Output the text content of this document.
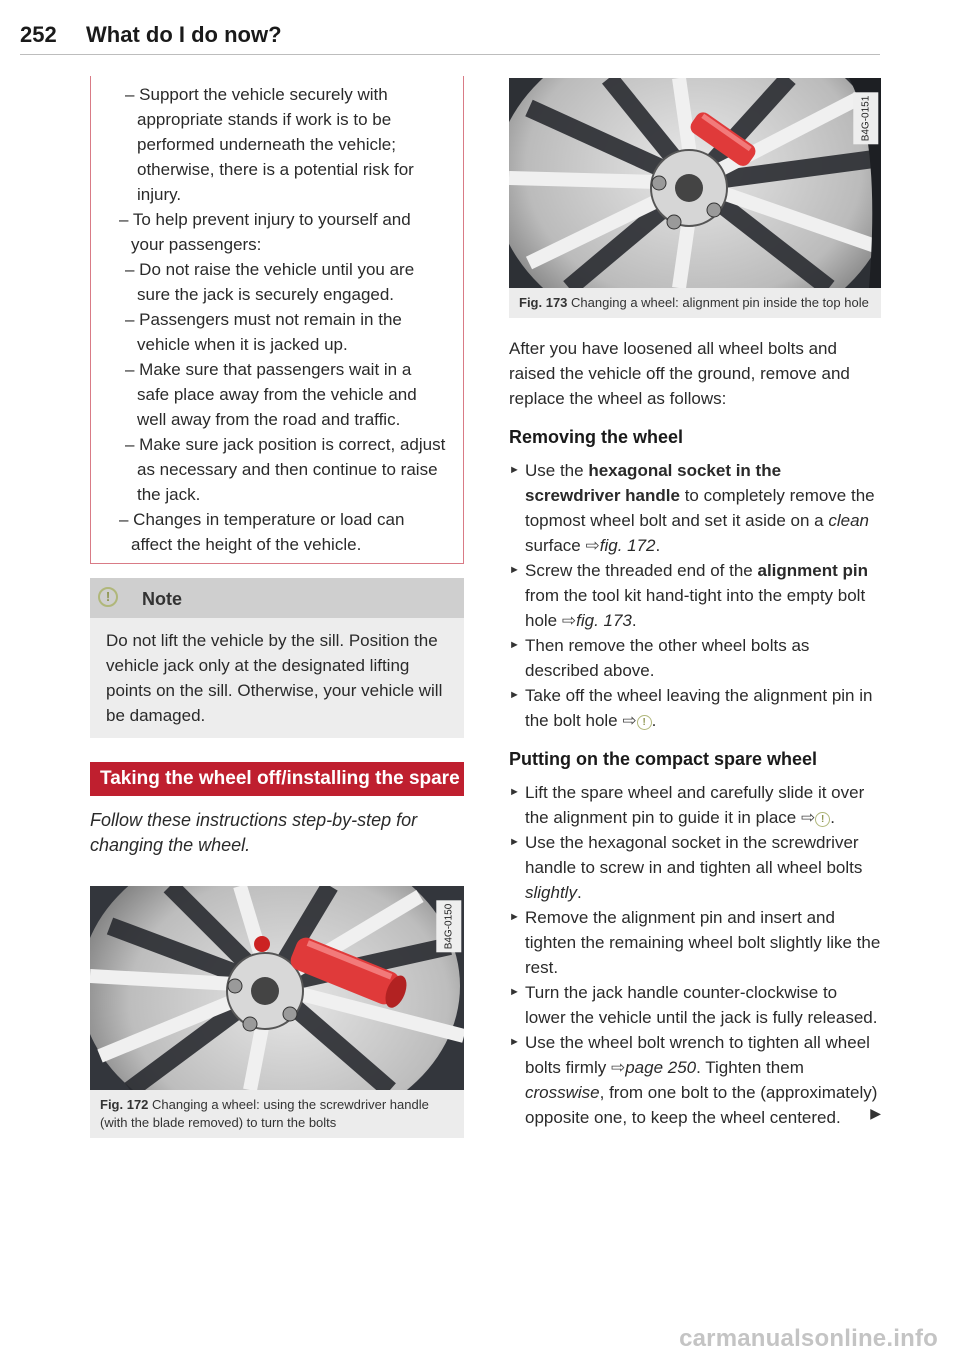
252 What do I do now?

– Support the vehicle securely with appropriate stands if work is to be performed underneath the vehicle; otherwise, there is a potential risk for injury.

– To help prevent injury to yourself and your passengers:

– Do not raise the vehicle until you are sure the jack is securely engaged.

– Passengers must not remain in the vehicle when it is jacked up.

– Make sure that passengers wait in a safe place away from the vehicle and well away from the road and traffic.

– Make sure jack position is correct, adjust as necessary and then continue to raise the jack.

– Changes in temperature or load can affect the height of the vehicle.

!	Note
Do not lift the vehicle by the sill. Position the vehicle jack only at the designated lifting points on the sill. Otherwise, your vehicle will be damaged.
Taking the wheel off/installing the spare
Follow these instructions step-by-step for changing the wheel.
B4G-0150
Fig. 172 Changing a wheel: using the screwdriver handle (with the blade removed) to turn the bolts
B4G-0151
Fig. 173 Changing a wheel: alignment pin inside the top hole

After you have loosened all wheel bolts and raised the vehicle off the ground, remove and replace the wheel as follows:

Removing the wheel

► Use the hexagonal socket in the screwdriver handle to completely remove the topmost wheel bolt and set it aside on a clean surface ⇨fig. 172.

► Screw the threaded end of the alignment pin from the tool kit hand-tight into the empty bolt hole ⇨fig. 173.

► Then remove the other wheel bolts as described above.

► Take off the wheel leaving the alignment pin in the bolt hole ⇨ ! .

Putting on the compact spare wheel

► Lift the spare wheel and carefully slide it over the alignment pin to guide it in place ⇨ ! .

► Use the hexagonal socket in the screwdriver handle to screw in and tighten all wheel bolts slightly.

► Remove the alignment pin and insert and tighten the remaining wheel bolt slightly like the rest.

► Turn the jack handle counter-clockwise to lower the vehicle until the jack is fully released.

► Use the wheel bolt wrench to tighten all wheel bolts firmly ⇨page 250. Tighten them crosswise, from one bolt to the (approximately) opposite one, to keep the wheel centered.	▶
carmanualsonline.info
